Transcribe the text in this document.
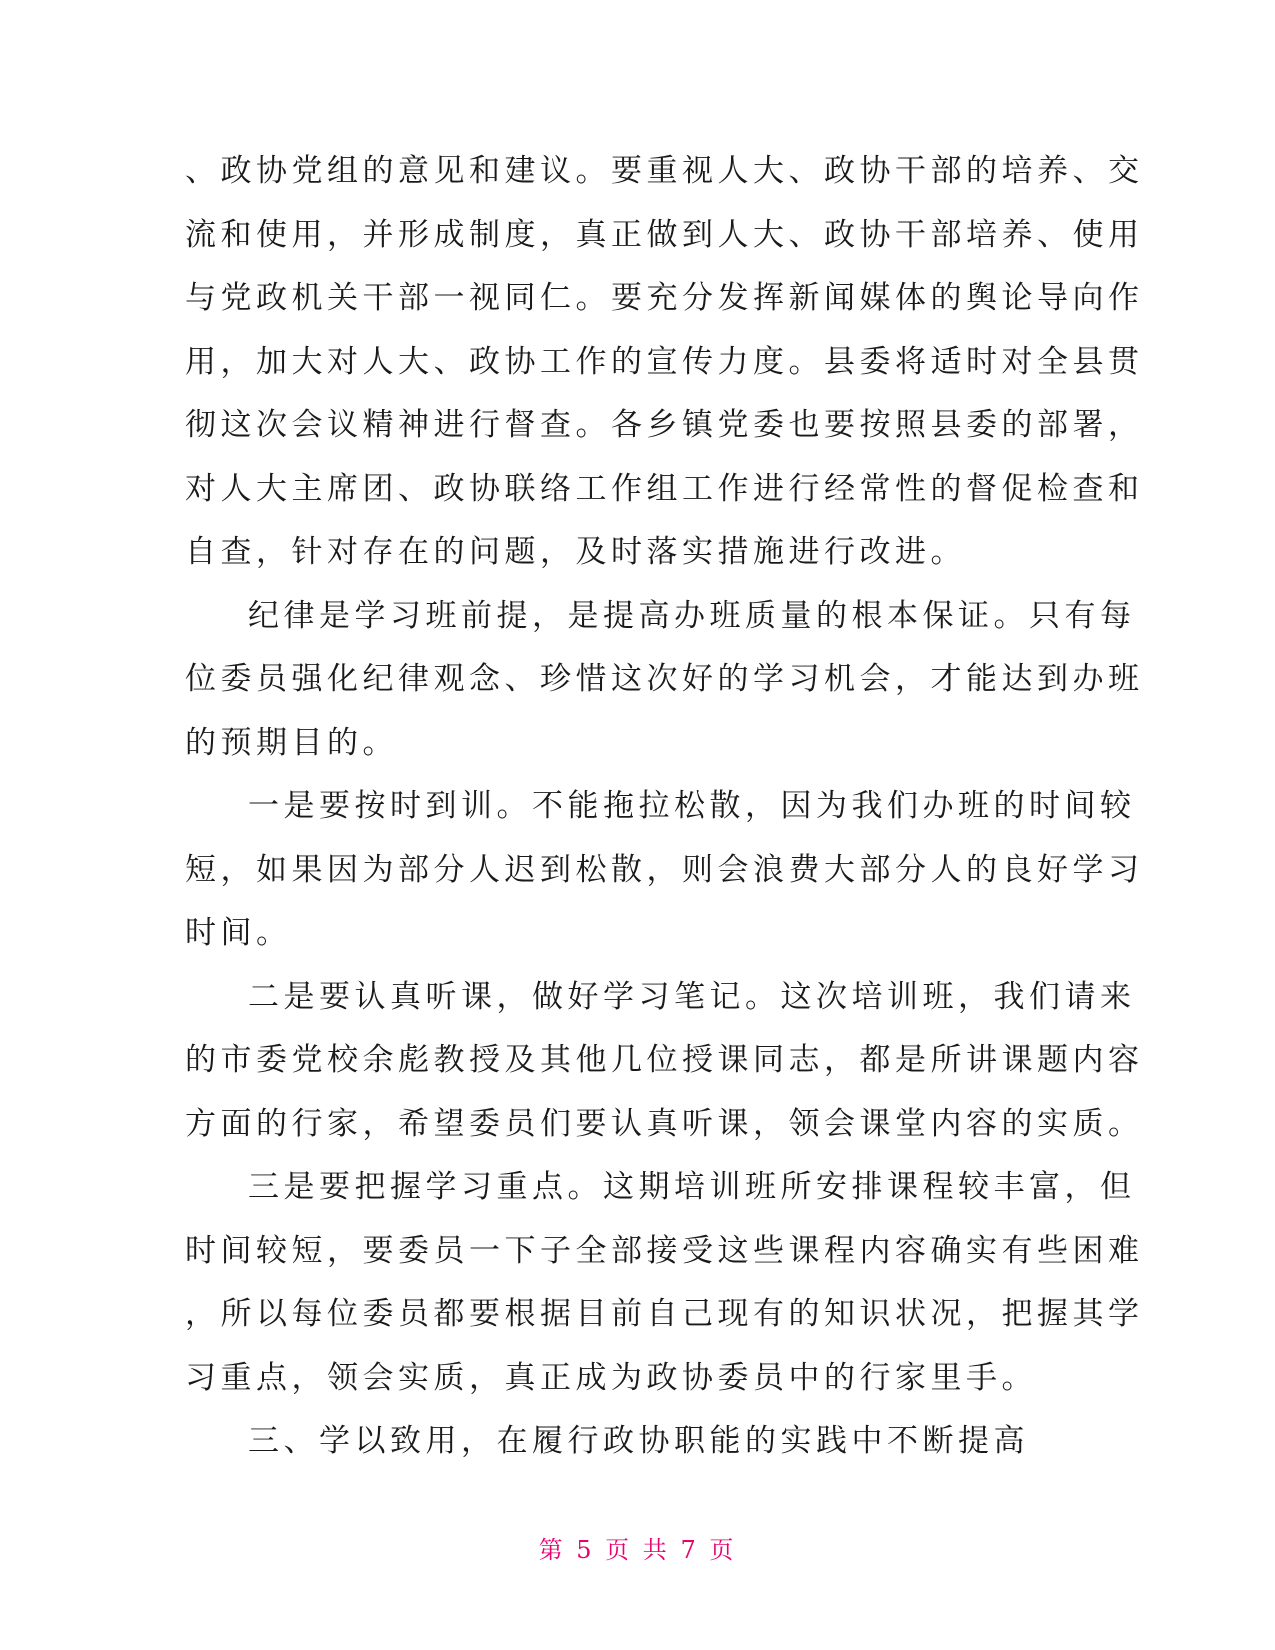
、政协党组的意见和建议。要重视人大、政协干部的培养、交
流和使用，并形成制度，真正做到人大、政协干部培养、使用
与党政机关干部一视同仁。要充分发挥新闻媒体的舆论导向作
用，加大对人大、政协工作的宣传力度。县委将适时对全县贯
彻这次会议精神进行督查。各乡镇党委也要按照县委的部署，
对人大主席团、政协联络工作组工作进行经常性的督促检查和
自查，针对存在的问题，及时落实措施进行改进。
纪律是学习班前提，是提高办班质量的根本保证。只有每
位委员强化纪律观念、珍惜这次好的学习机会，才能达到办班
的预期目的。
一是要按时到训。不能拖拉松散，因为我们办班的时间较
短，如果因为部分人迟到松散，则会浪费大部分人的良好学习
时间。
二是要认真听课，做好学习笔记。这次培训班，我们请来
的市委党校余彪教授及其他几位授课同志，都是所讲课题内容
方面的行家，希望委员们要认真听课，领会课堂内容的实质。
三是要把握学习重点。这期培训班所安排课程较丰富，但
时间较短，要委员一下子全部接受这些课程内容确实有些困难
，所以每位委员都要根据目前自己现有的知识状况，把握其学
习重点，领会实质，真正成为政协委员中的行家里手。
三、学以致用，在履行政协职能的实践中不断提高
第 5 页 共 7 页
